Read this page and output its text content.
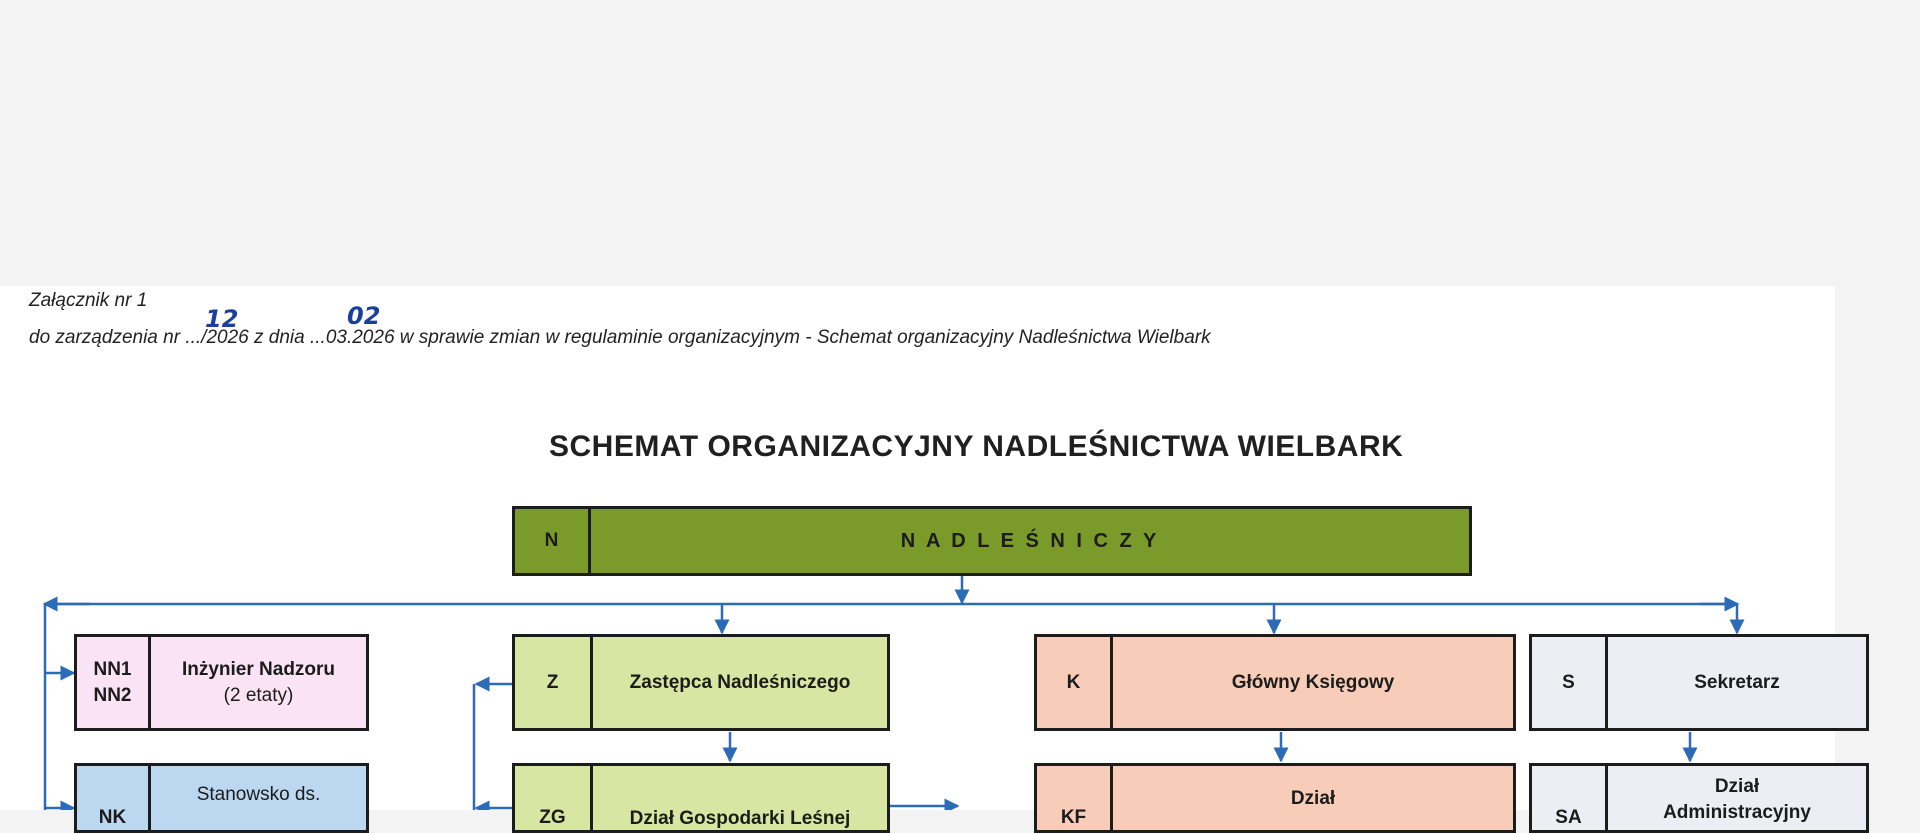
Załącznik nr 1
do zarządzenia nr .../2026 z dnia ...03.2026 w sprawie zmian w regulaminie organizacyjnym - Schemat organizacyjny Nadleśnictwa Wielbark
12	02
SCHEMAT ORGANIZACYJNY NADLEŚNICTWA WIELBARK
N	N A D L E Ś N I C Z Y
NN1
NN2
Inżynier Nadzoru
(2 etaty)
NK
Stanowsko ds.
Z	Zastępca Nadleśniczego
ZG	Dział Gospodarki Leśnej
K	Główny Księgowy
KF
Dział
S	Sekretarz
SA
Dział
Administracyjny
